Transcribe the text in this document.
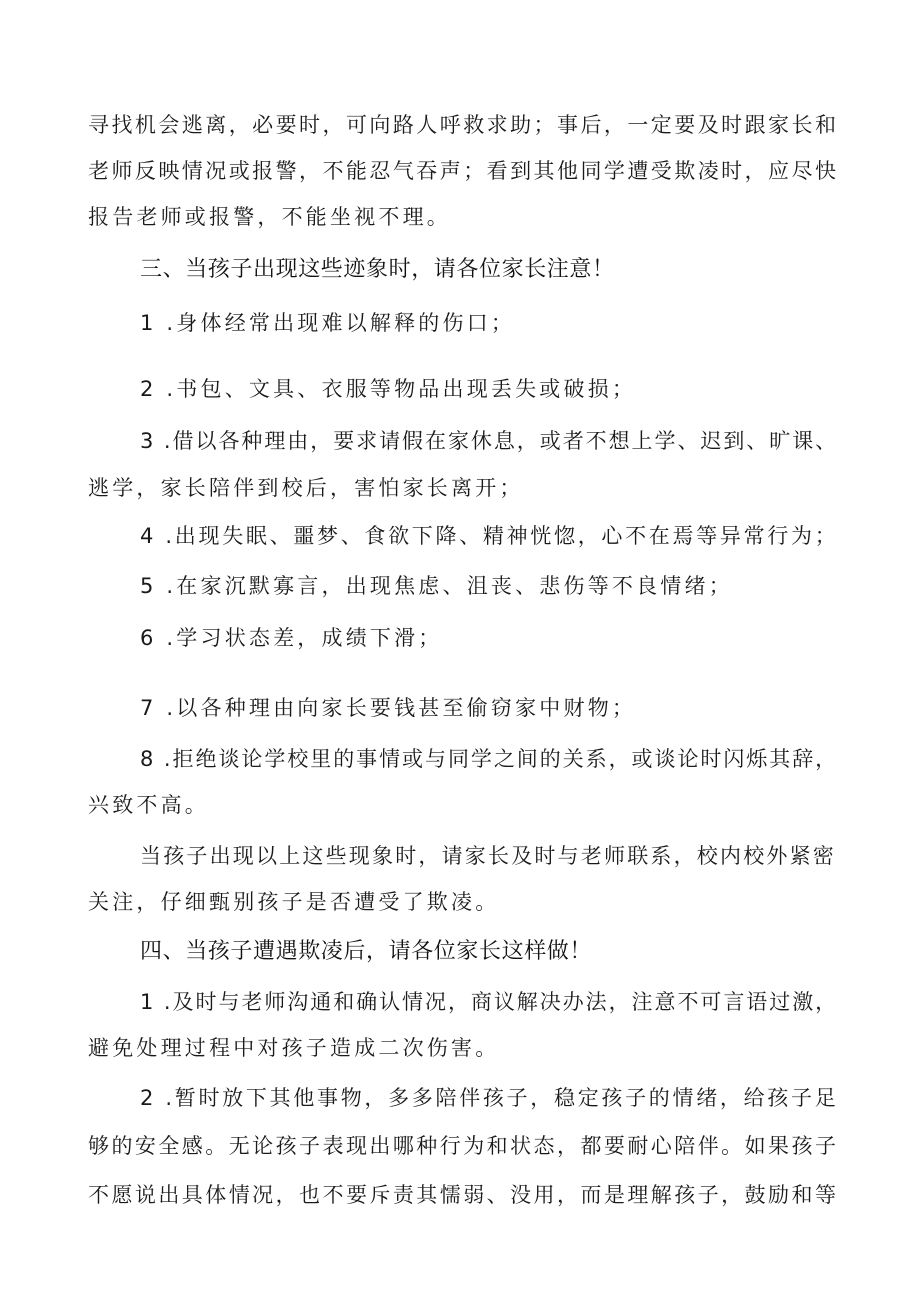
寻找机会逃离，必要时，可向路人呼救求助；事后，一定要及时跟家长和
老师反映情况或报警，不能忍气吞声；看到其他同学遭受欺凌时，应尽快
报告老师或报警，不能坐视不理。
三、当孩子出现这些迹象时，请各位家长注意！
1 .身体经常出现难以解释的伤口；
2 .书包、文具、衣服等物品出现丢失或破损；
3 .借以各种理由，要求请假在家休息，或者不想上学、迟到、旷课、
逃学，家长陪伴到校后，害怕家长离开；
4 .出现失眠、噩梦、食欲下降、精神恍惚，心不在焉等异常行为；
5 .在家沉默寡言，出现焦虑、沮丧、悲伤等不良情绪；
6 .学习状态差，成绩下滑；
7 .以各种理由向家长要钱甚至偷窃家中财物；
8 .拒绝谈论学校里的事情或与同学之间的关系，或谈论时闪烁其辞，
兴致不高。
当孩子出现以上这些现象时，请家长及时与老师联系，校内校外紧密
关注，仔细甄别孩子是否遭受了欺凌。
四、当孩子遭遇欺凌后，请各位家长这样做！
1 .及时与老师沟通和确认情况，商议解决办法，注意不可言语过激，
避免处理过程中对孩子造成二次伤害。
2 .暂时放下其他事物，多多陪伴孩子，稳定孩子的情绪，给孩子足
够的安全感。无论孩子表现出哪种行为和状态，都要耐心陪伴。如果孩子
不愿说出具体情况，也不要斥责其懦弱、没用，而是理解孩子，鼓励和等
